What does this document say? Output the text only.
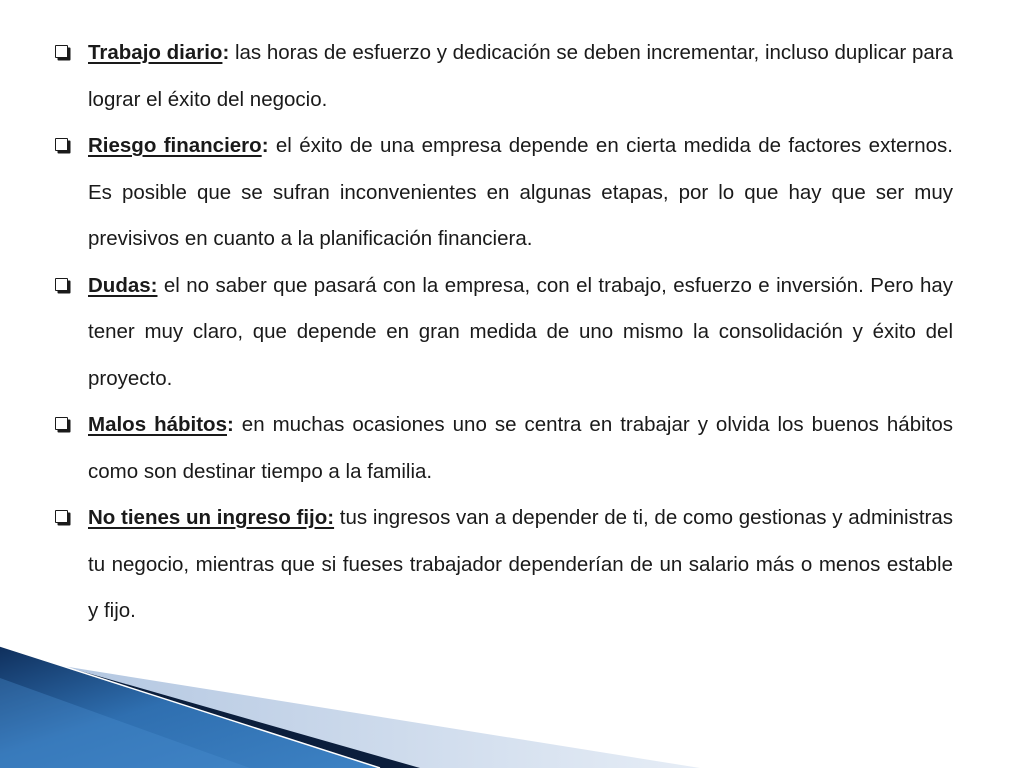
Trabajo diario: las horas de esfuerzo y dedicación se deben incrementar, incluso duplicar para lograr el éxito del negocio.
Riesgo financiero: el éxito de una empresa depende en cierta medida de factores externos. Es posible que se sufran inconvenientes en algunas etapas, por lo que hay que ser muy previsivos en cuanto a la planificación financiera.
Dudas: el no saber que pasará con la empresa, con el trabajo, esfuerzo e inversión. Pero hay tener muy claro, que depende en gran medida de uno mismo la consolidación y éxito del proyecto.
Malos hábitos: en muchas ocasiones uno se centra en trabajar y olvida los buenos hábitos como son destinar tiempo a la familia.
No tienes un ingreso fijo: tus ingresos van a depender de ti, de como gestionas y administras tu negocio, mientras que si fueses trabajador dependerían de un salario más o menos estable y fijo.
